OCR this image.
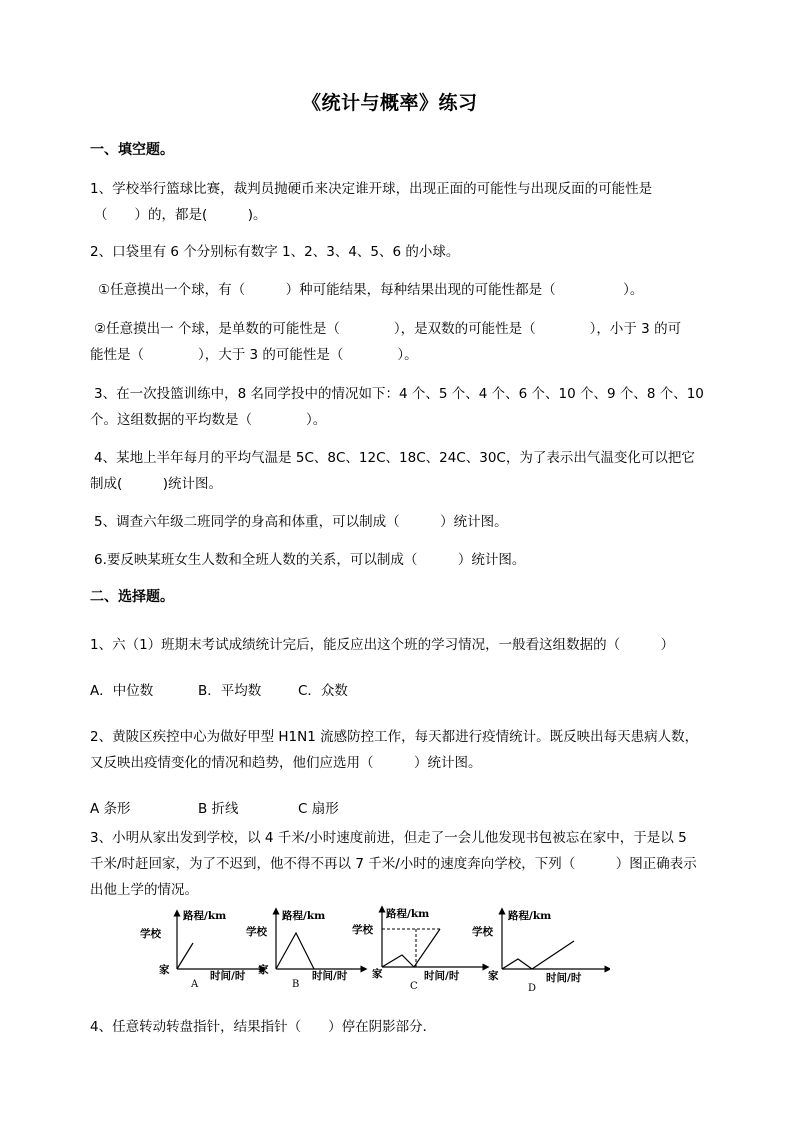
《统计与概率》练习
一、填空题。
1、学校举行篮球比赛，裁判员抛硬币来决定谁开球，出现正面的可能性与出现反面的可能性是
（　　）的，都是(　　　)。
2、口袋里有 6 个分别标有数字 1、2、3、4、5、6 的小球。
①任意摸出一个球，有（　　　）种可能结果，每种结果出现的可能性都是（　　　　　）。
②任意摸出一 个球，是单数的可能性是（　　　　），是双数的可能性是（　　　　），小于 3 的可
能性是（　　　　），大于 3 的可能性是（　　　　）。
3、在一次投篮训练中，8 名同学投中的情况如下：4 个、5 个、4 个、6 个、10 个、9 个、8 个、10
个。这组数据的平均数是（　　　　）。
4、某地上半年每月的平均气温是 5C、8C、12C、18C、24C、30C，为了表示出气温变化可以把它
制成(　　　)统计图。
5、调查六年级二班同学的身高和体重，可以制成（　　　）统计图。
6.要反映某班女生人数和全班人数的关系，可以制成（　　　）统计图。
二、选择题。
1、六（1）班期末考试成绩统计完后，能反应出这个班的学习情况，一般看这组数据的（　　　）
A．中位数	B．平均数	C．众数
2、黄陂区疾控中心为做好甲型 H1N1 流感防控工作，每天都进行疫情统计。既反映出每天患病人数，
又反映出疫情变化的情况和趋势，他们应选用（　　　）统计图。
A 条形	B 折线	C 扇形
3、小明从家出发到学校，以 4 千米/小时速度前进，但走了一会儿他发现书包被忘在家中，于是以 5
千米/时赶回家，为了不迟到，他不得不再以 7 千米/小时的速度奔向学校，下列（　　　）图正确表示
出他上学的情况。
路程/km
学校
家	时间/时
A
路程/km
学校
家	时间/时
B
路程/km
学校
家	时间/时
C
路程/km
学校
家	时间/时
D
4、任意转动转盘指针，结果指针（　　）停在阴影部分．
